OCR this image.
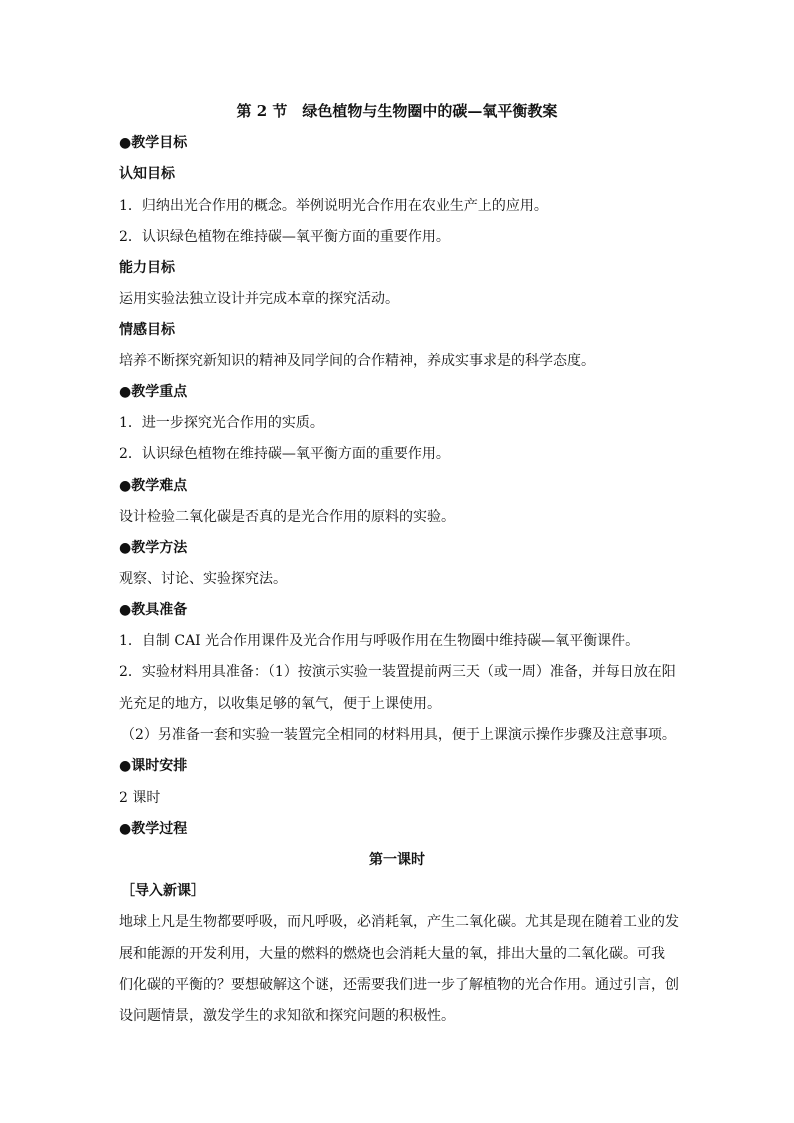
第 2 节　绿色植物与生物圈中的碳—氧平衡教案
●教学目标
认知目标
1．归纳出光合作用的概念。举例说明光合作用在农业生产上的应用。
2．认识绿色植物在维持碳—氧平衡方面的重要作用。
能力目标
运用实验法独立设计并完成本章的探究活动。
情感目标
培养不断探究新知识的精神及同学间的合作精神，养成实事求是的科学态度。
●教学重点
1．进一步探究光合作用的实质。
2．认识绿色植物在维持碳—氧平衡方面的重要作用。
●教学难点
设计检验二氧化碳是否真的是光合作用的原料的实验。
●教学方法
观察、讨论、实验探究法。
●教具准备
1．自制 CAI 光合作用课件及光合作用与呼吸作用在生物圈中维持碳—氧平衡课件。
2．实验材料用具准备：（1）按演示实验一装置提前两三天（或一周）准备，并每日放在阳
光充足的地方，以收集足够的氧气，便于上课使用。
（2）另准备一套和实验一装置完全相同的材料用具，便于上课演示操作步骤及注意事项。
●课时安排
2 课时
●教学过程
第一课时
［导入新课］
地球上凡是生物都要呼吸，而凡呼吸，必消耗氧，产生二氧化碳。尤其是现在随着工业的发
展和能源的开发利用，大量的燃料的燃烧也会消耗大量的氧，排出大量的二氧化碳。可我
们化碳的平衡的？要想破解这个谜，还需要我们进一步了解植物的光合作用。通过引言，创
设问题情景，激发学生的求知欲和探究问题的积极性。
